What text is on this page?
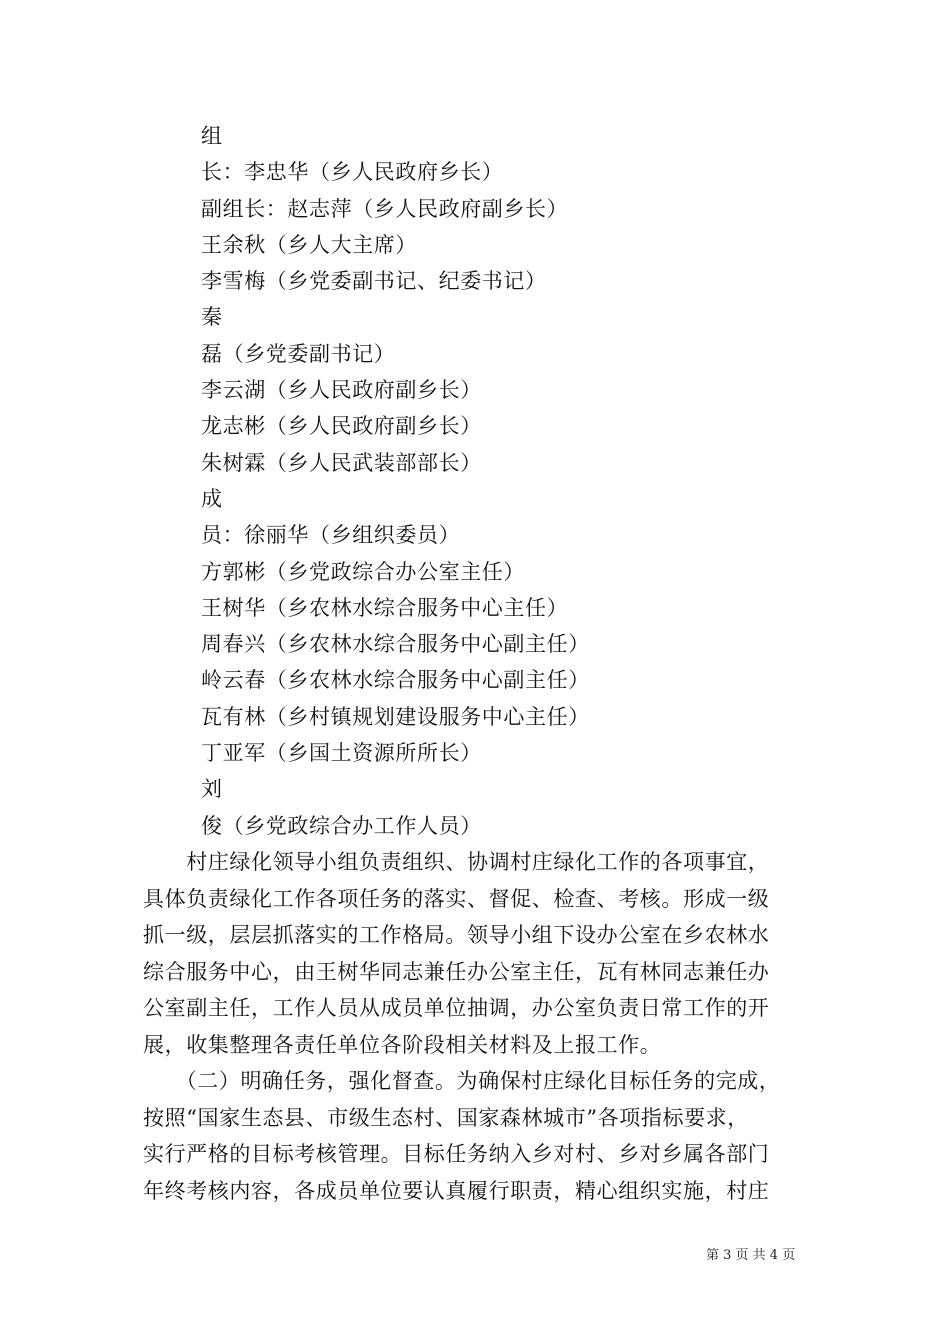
组
长：李忠华（乡人民政府乡长）
副组长：赵志萍（乡人民政府副乡长）
王余秋（乡人大主席）
李雪梅（乡党委副书记、纪委书记）
秦
磊（乡党委副书记）
李云湖（乡人民政府副乡长）
龙志彬（乡人民政府副乡长）
朱树霖（乡人民武装部部长）
成
员：徐丽华（乡组织委员）
方郭彬（乡党政综合办公室主任）
王树华（乡农林水综合服务中心主任）
周春兴（乡农林水综合服务中心副主任）
岭云春（乡农林水综合服务中心副主任）
瓦有林（乡村镇规划建设服务中心主任）
丁亚军（乡国土资源所所长）
刘
俊（乡党政综合办工作人员）

　　村庄绿化领导小组负责组织、协调村庄绿化工作的各项事宜，
具体负责绿化工作各项任务的落实、督促、检查、考核。形成一级
抓一级，层层抓落实的工作格局。领导小组下设办公室在乡农林水
综合服务中心，由王树华同志兼任办公室主任，瓦有林同志兼任办
公室副主任，工作人员从成员单位抽调，办公室负责日常工作的开
展，收集整理各责任单位各阶段相关材料及上报工作。

　　（二）明确任务，强化督查。为确保村庄绿化目标任务的完成，
按照“国家生态县、市级生态村、国家森林城市”各项指标要求，
实行严格的目标考核管理。目标任务纳入乡对村、乡对乡属各部门
年终考核内容，各成员单位要认真履行职责，精心组织实施，村庄

第 3 页 共 4 页
